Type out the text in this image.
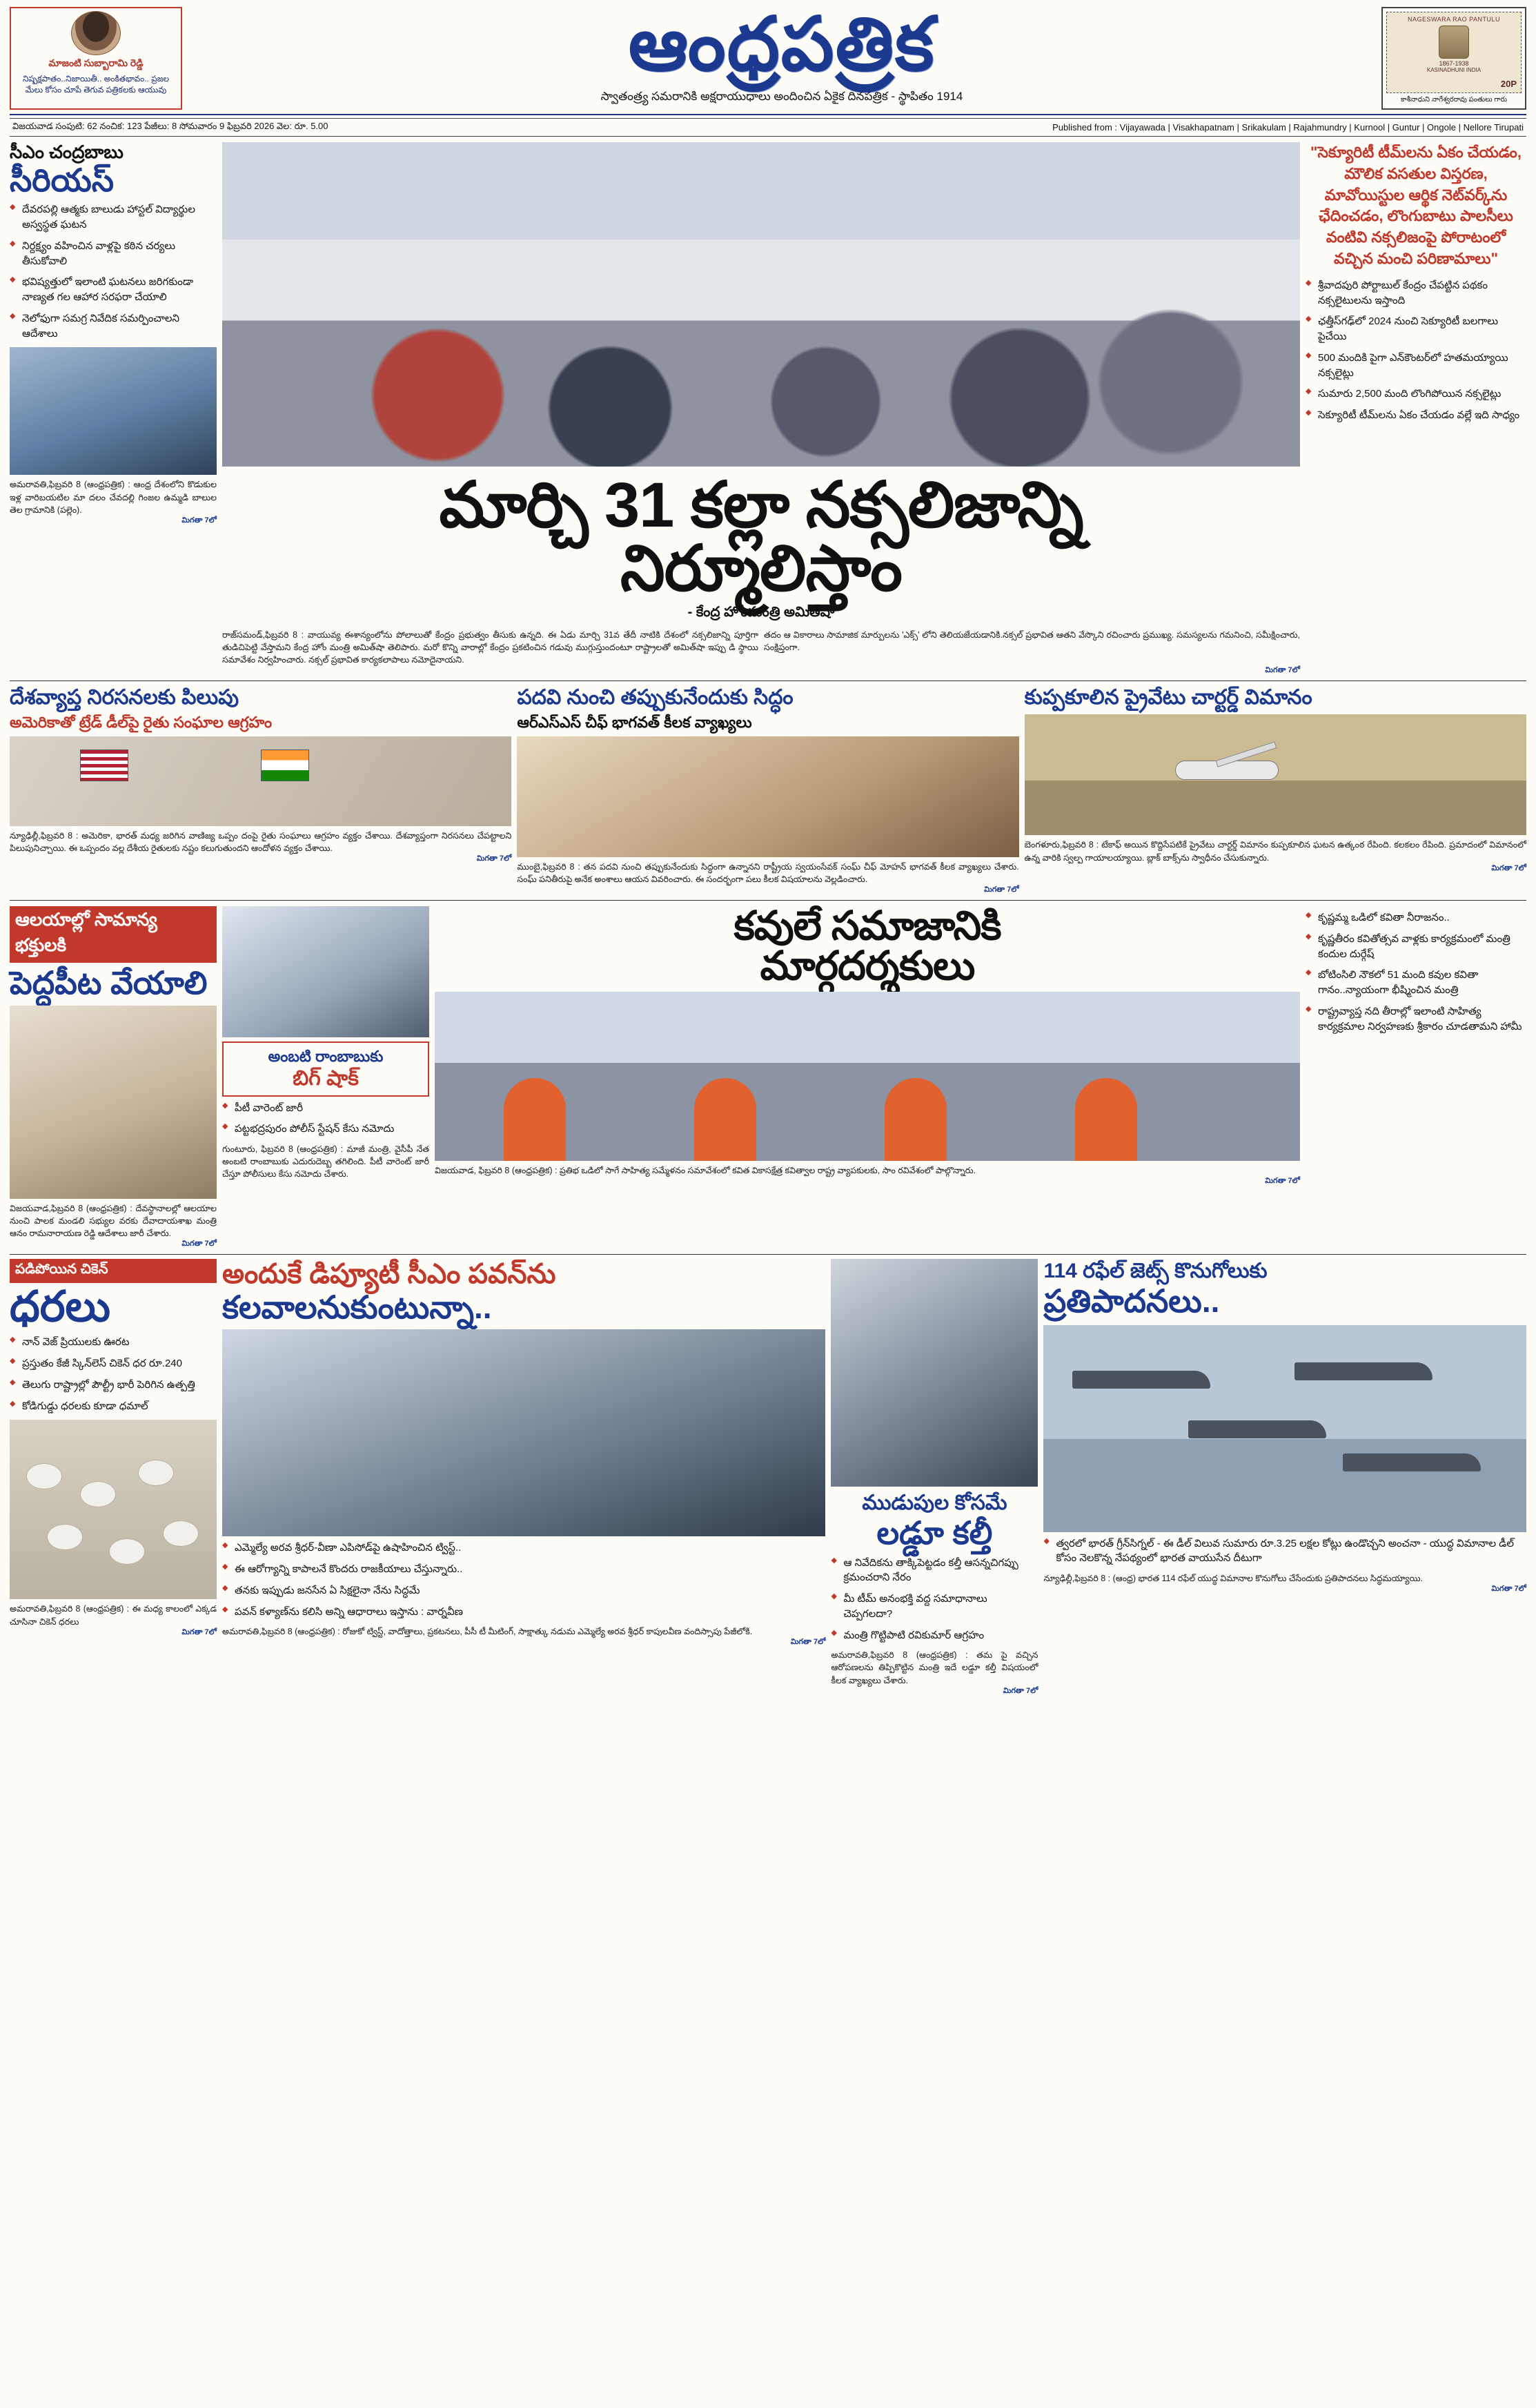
మాజంటి సుబ్బారామి రెడ్డి
నిష్పక్షపాతం..నిజాయితీ.. అంకితభావం.. ప్రజల మేలు కోసం చూపే తెగువ పత్రికలకు ఆయువు
ఆంధ్రపత్రిక
స్వాతంత్ర్య సమరానికి అక్షరాయుధాలు అందించిన ఏకైక దినపత్రిక - స్థాపితం 1914
NAGESWARA RAO PANTULU
1867-1938
KASINADHUNI INDIA
20P
కాశీనాధుని నాగేశ్వరరావు పంతులు గారు
విజయవాడ సంపుటి: 62 నంచిక: 123 పేజీలు: 8 సోమవారం 9 ఫిబ్రవరి 2026 వెల: రూ. 5.00	Published from : Vijayawada | Visakhapatnam | Srikakulam | Rajahmundry | Kurnool | Guntur | Ongole | Nellore Tirupati
సీఎం చంద్రబాబు
సీరియస్
◆ దేవరపల్లి ఆత్మకు బాలుడు హాస్టల్ విద్యార్థుల అస్వస్థత ఘటన
◆ నిర్దక్ష్యం వహించిన వాళ్లపై కఠిన చర్యలు తీసుకోవాలి
◆ భవిష్యత్తులో ఇలాంటి ఘటనలు జరిగకుండా నాణ్యత గల ఆహార సరఫరా చేయాలి
◆ నెలోఫుగా సమగ్ర నివేదిక సమర్పించాలని ఆదేశాలు
అమరావతి,ఫిబ్రవరి 8 (ఆంధ్రపత్రిక) : ఆంధ్ర దేశంలోని కొడుకుల ఇళ్ల వారిబయటిల మా దలం చేవదల్లి గింజల ఉమ్మడి బాలుల తెల గ్రామానికి (పల్లెం).
మిగతా 7లో	మార్చి 31 కల్లా నక్సలిజాన్ని
నిర్మూలిస్తాం
- కేంద్ర హోంమంత్రి అమిత్‌షా
రాజ్‌సమండ్,ఫిబ్రవరి 8 : వాయువ్య ఈశాన్యంలోను పోలాలుతో కేంద్రం ప్రభుత్వం తీసుకు ఉన్నది. ఈ ఏడు మార్చి 31వ తేదీ నాటికి దేశంలో నక్సలిజాన్ని పూర్తిగా తుడిచిపెట్టి వేస్తామని కేంద్ర హోం మంత్రి అమిత్‌షా తెలిపారు. మరో కొన్ని వారాల్లో కేంద్రం ప్రకటించిన గడువు ముగ్గుస్తుందంటూ రాష్ట్రాలతో అమిత్‌షా ఇప్పు డి స్థాయి సమావేశం నిర్వహించారు. నక్సల్ ప్రభావిత కార్యకలాపాలు నమోదైనాయని.
తదం ఆ వికారాలు సామాజిక మార్పులను 'ఎక్స్‌' లోని తెలియజేయడానికి.నక్సల్ ప్రభావిత ఆతని వేస్కొని రచించారు ప్రముఖ్య. సమస్యలను గమనించి, సమీక్షించారు, సంక్షిప్తంగా.
మిగతా 7లో
"సెక్యూరిటీ టీమ్‌లను ఏకం చేయడం, మౌలిక వసతుల విస్తరణ, మావోయిస్టుల ఆర్థిక నెట్‌వర్క్‌ను ఛేదించడం, లొంగుబాటు పాలసీలు వంటివి నక్సలిజంపై పోరాటంలో వచ్చిన మంచి పరిణామాలు"
◆ శ్రీవాదపురి పోర్టాబుల్ కేంద్రం చేపట్టిన పథకం నక్సలైటులను ఇస్తాంది
◆ ఛత్తీస్‌గఢ్‌లో 2024 నుంచి సెక్యూరిటీ బలగాలు పైచేయి
◆ 500 మందికి పైగా ఎన్‌కౌంటర్‌లో హతమయ్యాయి నక్సలైట్లు
◆ సుమారు 2,500 మంది లొంగిపోయిన నక్సలైట్లు
◆ సెక్యూరిటీ టీమ్‌లను ఏకం చేయడం వల్లే ఇది సాధ్యం
దేశవ్యాప్త నిరసనలకు పిలుపు
అమెరికాతో ట్రేడ్ డీల్‌పై రైతు సంఘాల ఆగ్రహం
న్యూఢిల్లీ,ఫిబ్రవరి 8 : అమెరికా, భారత్ మధ్య జరిగిన వాణిజ్య ఒప్పం దంపై రైతు సంఘాలు ఆగ్రహం వ్యక్తం చేశాయి. దేశవ్యాప్తంగా నిరసనలు చేపట్టాలని పిలుపునిచ్చాయి. ఈ ఒప్పందం వల్ల దేశీయ రైతులకు నష్టం కలుగుతుందని ఆందోళన వ్యక్తం చేశాయి.
మిగతా 7లో
పదవి నుంచి తప్పుకునేందుకు సిద్ధం
ఆర్‌ఎస్‌ఎస్ చీఫ్ భాగవత్ కీలక వ్యాఖ్యలు
ముంబై,ఫిబ్రవరి 8 : తన పదవి నుంచి తప్పుకునేందుకు సిద్ధంగా ఉన్నానని రాష్ట్రీయ స్వయంసేవక్ సంఘ్ చీఫ్ మోహన్ భాగవత్ కీలక వ్యాఖ్యలు చేశారు. సంఘ్ పనితీరుపై అనేక అంశాలు ఆయన వివరించారు. ఈ సందర్భంగా పలు కీలక విషయాలను వెల్లడించారు.
మిగతా 7లో
కుప్పకూలిన ప్రైవేటు చార్టర్డ్ విమానం
బెంగళూరు,ఫిబ్రవరి 8 : టేకాఫ్ అయిన కొద్దిసేపటికే ప్రైవేటు చార్టర్డ్ విమానం కుప్పకూలిన ఘటన ఉత్కంఠ రేపింది. కలకలం రేపింది. ప్రమాదంలో విమానంలో ఉన్న వారికి స్వల్ప గాయాలయ్యాయి. బ్లాక్ బాక్స్‌ను స్వాధీనం చేసుకున్నారు.
మిగతా 7లో
ఆలయాల్లో సామాన్య భక్తులకి
పెద్దపీట వేయాలి
విజయవాడ,ఫిబ్రవరి 8 (ఆంధ్రపత్రిక) : దేవస్థానాలల్లో ఆలయాల నుంచి పాలక మండలి సభ్యుల వరకు దేవాదాయశాఖ మంత్రి ఆనం రామనారాయణ రెడ్డి ఆదేశాలు జారీ చేశారు.
మిగతా 7లో
అంబటి రాంబాబుకు
బిగ్ షాక్
◆ పీటీ వారెంట్ జారీ
◆ పట్టభద్రపురం పోలీస్ స్టేషన్‌ కేసు నమోదు
గుంటూరు, ఫిబ్రవరి 8 (ఆంధ్రపత్రిక) : మాజీ మంత్రి, వైసీపీ నేత అంబటి రాంబాబుకు ఎదురుదెబ్బ తగిలింది. పీటీ వారెంట్ జారీ చేస్తూ పోలీసులు కేసు నమోదు చేశారు.
కవులే సమాజానికి
మార్గదర్శకులు
విజయవాడ, ఫిబ్రవరి 8 (ఆంధ్రపత్రిక) : ప్రతిభ ఒడిలో సాగే సాహిత్య సమ్మేళనం సమావేశంలో కవిత వికాసక్షేత్ర కవిత్వాల రాష్ట్ర వ్యాపకులకు, సాం రవివేశంలో పాల్గొన్నారు.
మిగతా 7లో
◆ కృష్ణమ్మ ఒడిలో కవితా నీరాజనం..
◆ కృష్ణతీరం కవితోత్సవ వాళ్లకు కార్యక్రమంలో మంత్రి కందుల దుర్గేష్
◆ బోటింసిలి నౌకలో 51 మంది కవుల కవితా గానం..న్యాయంగా భీష్మించిన మంత్రి
◆ రాష్ట్రవ్యాప్త నది తీరాల్లో ఇలాంటి సాహిత్య కార్యక్రమాల నిర్వహణకు శ్రీకారం చూడతామని హామీ
పడిపోయిన చికెన్
ధరలు
◆ నాన్ వెజ్ ప్రియులకు ఊరట
◆ ప్రస్తుతం కేజీ స్కిన్‌లెస్ చికెన్ ధర రూ.240
◆ తెలుగు రాష్ట్రాల్లో పౌల్ట్రీ భారీ పెరిగిన ఉత్పత్తి
◆ కోడిగుడ్డు ధరలకు కూడా ధమాల్
అమరావతి,ఫిబ్రవరి 8 (ఆంధ్రపత్రిక) : ఈ మధ్య కాలంలో ఎక్కడ చూసినా చికెన్ ధరలు
మిగతా 7లో
అందుకే డిప్యూటీ సీఎం పవన్‌ను
కలవాలనుకుంటున్నా..
◆ ఎమ్మెల్యే అరవ శ్రీధర్-వీణా ఎపిసోడ్‌పై ఉషాహించిన ట్విస్ట్..
◆ ఈ ఆరోగ్యాన్ని కాపాలనే కొందరు రాజకీయాలు చేస్తున్నారు..
◆ తనకు ఇప్పుడు జనసేన ఏ సిక్షలైనా నేను సిద్ధమే
◆ పవన్ కళ్యాణ్‌ను కలిసి అన్ని ఆధారాలు ఇస్తాను : వార్నవీణ
అమరావతి,ఫిబ్రవరి 8 (ఆంధ్రపత్రిక) : రోజుకో ట్విస్ట్, వాదోత్తాలు, ప్రకటనలు, పీసీ టీ మీటింగ్, సాక్షాత్కు నడుమ ఎమ్మెల్యే అరవ శ్రీధర్ కాపులవీణ వందిస్సాపు పేజీలోకి.
మిగతా 7లో
ముడుపుల కోసమే
లడ్డూ కల్తీ
◆ ఆ నివేదికను తాక్కిపెట్టడం కల్తీ ఆసన్నచిగప్పు క్రమంచరాని నేరం
◆ మీ టీమ్ అనంభక్తి వద్ద సమాధానాలు చెప్పగలదా?
◆ మంత్రి గొట్టిపాటి రవికుమార్ ఆగ్రహం
అమరావతి,ఫిబ్రవరి 8 (ఆంధ్రపత్రిక) : తమ పై వచ్చిన ఆరోపణలను తిప్పికొట్టిన మంత్రి ఇదే లడ్డూ కల్తీ విషయంలో కీలక వ్యాఖ్యలు చేశారు.
మిగతా 7లో
114 రఫేల్ జెట్స్ కొనుగోలుకు
ప్రతిపాదనలు..
◆ త్వరలో భారత్ గ్రీన్‌సిగ్నల్ - ఈ డీల్ విలువ సుమారు రూ.3.25 లక్షల కోట్లు ఉండొచ్చని అంచనా - యుద్ధ విమానాల డీల్ కోసం నెలకొన్న నేపథ్యంలో భారత వాయుసేన దీటుగా
న్యూఢిల్లీ,ఫిబ్రవరి 8 : (ఆంధ్ర) భారత 114 రఫేల్ యుద్ధ విమానాల కొనుగోలు చేసేందుకు ప్రతిపాదనలు సిద్ధమయ్యాయి.
మిగతా 7లో
